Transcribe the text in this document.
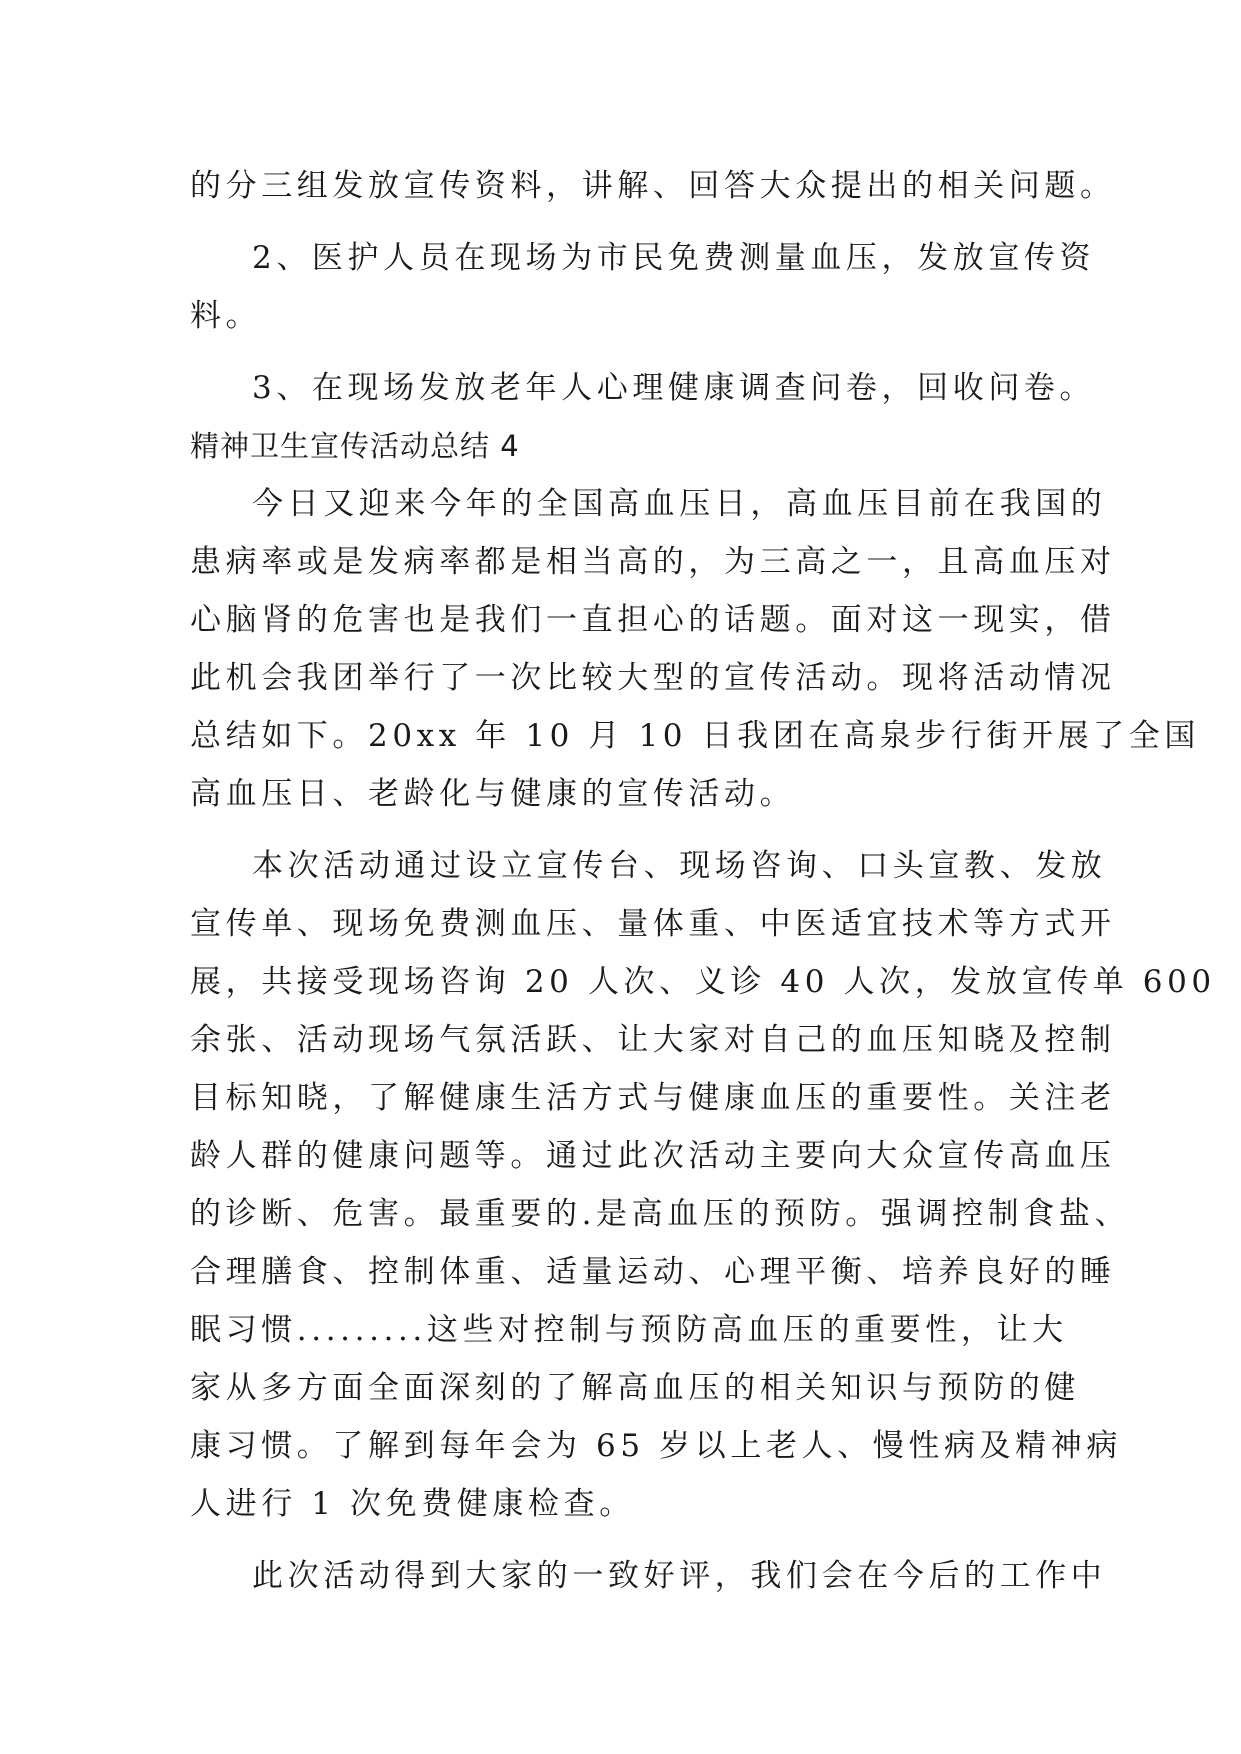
的分三组发放宣传资料，讲解、回答大众提出的相关问题。
2、医护人员在现场为市民免费测量血压，发放宣传资
料。
3、在现场发放老年人心理健康调查问卷，回收问卷。
精神卫生宣传活动总结 4
今日又迎来今年的全国高血压日，高血压目前在我国的
患病率或是发病率都是相当高的，为三高之一，且高血压对
心脑肾的危害也是我们一直担心的话题。面对这一现实，借
此机会我团举行了一次比较大型的宣传活动。现将活动情况
总结如下。20xx 年 10 月 10 日我团在高泉步行街开展了全国
高血压日、老龄化与健康的宣传活动。
本次活动通过设立宣传台、现场咨询、口头宣教、发放
宣传单、现场免费测血压、量体重、中医适宜技术等方式开
展，共接受现场咨询 20 人次、义诊 40 人次，发放宣传单 600
余张、活动现场气氛活跃、让大家对自己的血压知晓及控制
目标知晓，了解健康生活方式与健康血压的重要性。关注老
龄人群的健康问题等。通过此次活动主要向大众宣传高血压
的诊断、危害。最重要的.是高血压的预防。强调控制食盐、
合理膳食、控制体重、适量运动、心理平衡、培养良好的睡
眠习惯.........这些对控制与预防高血压的重要性，让大
家从多方面全面深刻的了解高血压的相关知识与预防的健
康习惯。了解到每年会为 65 岁以上老人、慢性病及精神病
人进行 1 次免费健康检查。
此次活动得到大家的一致好评，我们会在今后的工作中
